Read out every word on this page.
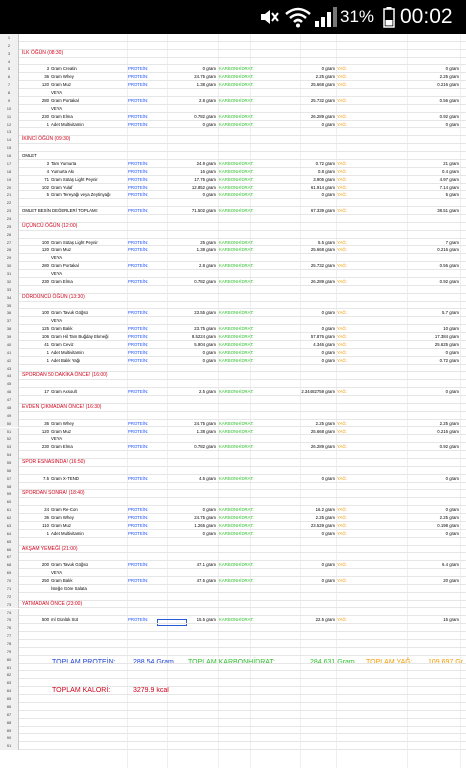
31% 00:02
TOPLAM PROTEİN: 288.54 Gram TOPLAM KARBONHİDRAT:	284.631 Gram TOPLAM YAĞ: 109.697 Gr
TOPLAM KALORİ:	3279.9 kcal
1
2
3	İLK ÖĞÜN (08:30)
4
5	3 Gram Creatin	PROTEİN:	0 gram KARBONHİDRAT:	0 gram YAĞ:	0 gram
6	36 Gram Whey	PROTEİN:	24.75 gram KARBONHİDRAT:	2.25 gram YAĞ:	2.25 gram
7	120 Gram Muz	PROTEİN:	1.38 gram KARBONHİDRAT:	25.668 gram YAĞ:	0.216 gram
8	VEYA
9	280 Gram Portakal	PROTEİN:	2.8 gram KARBONHİDRAT:	25.732 gram YAĞ:	0.56 gram
10	VEYA
11	230 Gram Elma	PROTEİN:	0.782 gram KARBONHİDRAT:	26.289 gram YAĞ:	0.92 gram
12	1 Adet Multivitamin	PROTEİN:	0 gram KARBONHİDRAT:	0 gram YAĞ:	0 gram
13
14	İKİNCİ ÖĞÜN (09:30)
15
16	OMLET
17	3 Tam Yumurta	PROTEİN:	24.9 gram KARBONHİDRAT:	0.72 gram YAĞ:	21 gram
18	4 Yumurta Akı	PROTEİN:	16 gram KARBONHİDRAT:	0.8 gram YAĞ:	0.4 gram
19	71 Gram Sütaş Light Peynir	PROTEİN:	17.75 gram KARBONHİDRAT:	3.905 gram YAĞ:	4.97 gram
20	102 Gram Yulaf	PROTEİN:	12.852 gram KARBONHİDRAT:	61.914 gram YAĞ:	7.14 gram
21	5 Gram Tereyağı veya Zeytinyağı	PROTEİN:	0 gram KARBONHİDRAT:	0 gram YAĞ:	5 gram
22
23	OMLET BESİN DEĞERLERİ TOPLAMI:	PROTEİN:	71.502 gram KARBONHİDRAT:	67.339 gram YAĞ:	38.51 gram
24
25	ÜÇÜNCÜ ÖĞÜN (12:00)
26
27	100 Gram Sütaş Light Peynir	PROTEİN:	25 gram KARBONHİDRAT:	5.5 gram YAĞ:	7 gram
28	120 Gram Muz	PROTEİN:	1.38 gram KARBONHİDRAT:	25.668 gram YAĞ:	0.216 gram
29	VEYA
30	280 Gram Portakal	PROTEİN:	2.8 gram KARBONHİDRAT:	25.732 gram YAĞ:	0.56 gram
31	VEYA
32	230 Gram Elma	PROTEİN:	0.782 gram KARBONHİDRAT:	26.289 gram YAĞ:	0.92 gram
33
34	DÖRDÜNCÜ ÖĞÜN (13:30)
35
36	100 Gram Tavuk Göğsü	PROTEİN:	23.55 gram KARBONHİDRAT:	0 gram YAĞ:	5.7 gram
37	VEYA
38	125 Gram Balık	PROTEİN:	23.75 gram KARBONHİDRAT:	0 gram YAĞ:	10 gram
39	106 Gram Hil Tam Buğday Ekmeği	PROTEİN:	8.5224 gram KARBONHİDRAT:	57.876 gram YAĞ:	17.384 gram
40	41 Gram Ceviz	PROTEİN:	5.904 gram KARBONHİDRAT:	4.346 gram YAĞ:	25.625 gram
41	1 Adet Multivitamin	PROTEİN:	0 gram KARBONHİDRAT:	0 gram YAĞ:	0 gram
42	1 Adet Balık Yağı	PROTEİN:	0 gram KARBONHİDRAT:	0 gram YAĞ:	0.72 gram
43
44	SPORDAN 50 DAKİKA ÖNCE! (16:00)
45
46	17 Gram Axsoult	PROTEİN:	2.5 gram KARBONHİDRAT:	2.34482759 gram YAĞ:	0 gram
47
48	EVDEN ÇIKMADAN ÖNCE! (16:30)
49
50	36 Gram Whey	PROTEİN:	24.75 gram KARBONHİDRAT:	2.25 gram YAĞ:	2.25 gram
51	120 Gram Muz	PROTEİN:	1.38 gram KARBONHİDRAT:	25.668 gram YAĞ:	0.216 gram
52	VEYA
53	230 Gram Elma	PROTEİN:	0.782 gram KARBONHİDRAT:	26.289 gram YAĞ:	0.92 gram
54
55	SPOR ESNASINDA! (16:50)
56
57	7.5 Gram X-TEND	PROTEİN:	4.5 gram KARBONHİDRAT:	0 gram YAĞ:	0 gram
58
59	SPORDAN SONRA! (18:40)
60
61	24 Gram Re-Con	PROTEİN:	0 gram KARBONHİDRAT:	16.2 gram YAĞ:	0 gram
62	36 Gram Whey	PROTEİN:	24.75 gram KARBONHİDRAT:	2.25 gram YAĞ:	2.25 gram
63	110 Gram Muz	PROTEİN:	1.265 gram KARBONHİDRAT:	23.529 gram YAĞ:	0.198 gram
64	1 Adet Multivitamin	PROTEİN:	0 gram KARBONHİDRAT:	0 gram YAĞ:	0 gram
65
66	AKŞAM YEMEĞİ (21:00)
67
68	200 Gram Tavuk Göğsü	PROTEİN:	47.1 gram KARBONHİDRAT:	0 gram YAĞ:	6.4 gram
69	VEYA
70	250 Gram Balık	PROTEİN:	47.5 gram KARBONHİDRAT:	0 gram YAĞ:	20 gram
71	İsteğe Göre Salata
72
73	YATMADAN ÖNCE (23:00)
74
75	500 ml Günlük Süt	PROTEİN:	15.5 gram KARBONHİDRAT:	22.5 gram YAĞ:	15 gram
76
77
78
79
80
81
82
83
84
85
86
87
88
89
90
91
